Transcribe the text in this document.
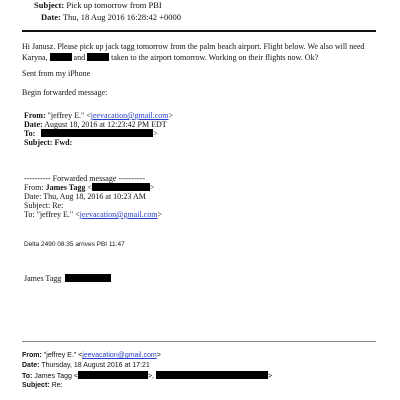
Subject: Pick up tomorrow from PBI
Date: Thu, 18 Aug 2016 16:28:42 +0000
Hi Janusz. Please pick up jack tagg tomorrow from the palm beach airport. Flight below. We also will need Karyna,	and	taken to the airport tomorrow. Working on their flights now. Ok?
Sent from my iPhone
Begin forwarded message:
From: "jeffrey E." <jeevacation@gmail.com>
Date: August 18, 2016 at 12:23:42 PM EDT
To:	>
Subject: Fwd:
---------- Forwarded message ----------
From: James Tagg <	>
Date: Thu, Aug 18, 2016 at 10:23 AM
Subject: Re:
To: "jeffrey E." <jeevacation@gmail.com>
Delta 2490 08:35 arrives PBI 11:47
James Tagg
From: "jeffrey E." <jeevacation@gmail.com>
Date: Thursday, 18 August 2016 at 17:21
To: James Tagg <	>,	>
Subject: Re:
